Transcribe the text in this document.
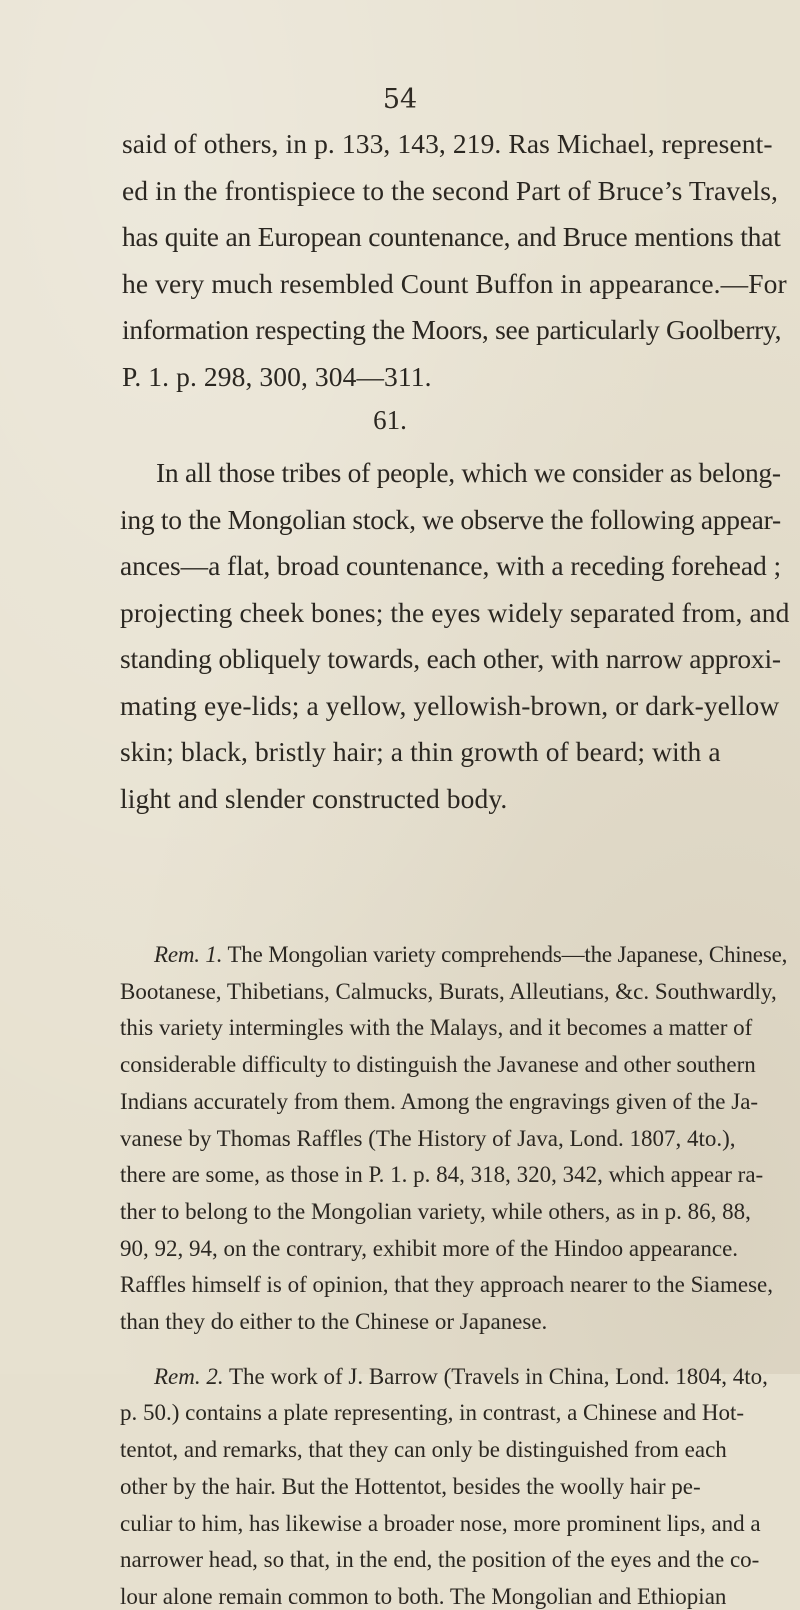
54
said of others, in p. 133, 143, 219. Ras Michael, represent-
ed in the frontispiece to the second Part of Bruce’s Travels,
has quite an European countenance, and Bruce mentions that
he very much resembled Count Buffon in appearance.—For
information respecting the Moors, see particularly Goolberry,
P. 1. p. 298, 300, 304—311.
61.
In all those tribes of people, which we consider as belong-
ing to the Mongolian stock, we observe the following appear-
ances—a flat, broad countenance, with a receding forehead ;
projecting cheek bones; the eyes widely separated from, and
standing obliquely towards, each other, with narrow approxi-
mating eye-lids; a yellow, yellowish-brown, or dark-yellow
skin; black, bristly hair; a thin growth of beard; with a
light and slender constructed body.
Rem. 1. The Mongolian variety comprehends—the Japanese, Chinese,
Bootanese, Thibetians, Calmucks, Burats, Alleutians, &c. Southwardly,
this variety intermingles with the Malays, and it becomes a matter of
considerable difficulty to distinguish the Javanese and other southern
Indians accurately from them. Among the engravings given of the Ja-
vanese by Thomas Raffles (The History of Java, Lond. 1807, 4to.),
there are some, as those in P. 1. p. 84, 318, 320, 342, which appear ra-
ther to belong to the Mongolian variety, while others, as in p. 86, 88,
90, 92, 94, on the contrary, exhibit more of the Hindoo appearance.
Raffles himself is of opinion, that they approach nearer to the Siamese,
than they do either to the Chinese or Japanese.
Rem. 2. The work of J. Barrow (Travels in China, Lond. 1804, 4to,
p. 50.) contains a plate representing, in contrast, a Chinese and Hot-
tentot, and remarks, that they can only be distinguished from each
other by the hair. But the Hottentot, besides the woolly hair pe-
culiar to him, has likewise a broader nose, more prominent lips, and a
narrower head, so that, in the end, the position of the eyes and the co-
lour alone remain common to both. The Mongolian and Ethiopian
